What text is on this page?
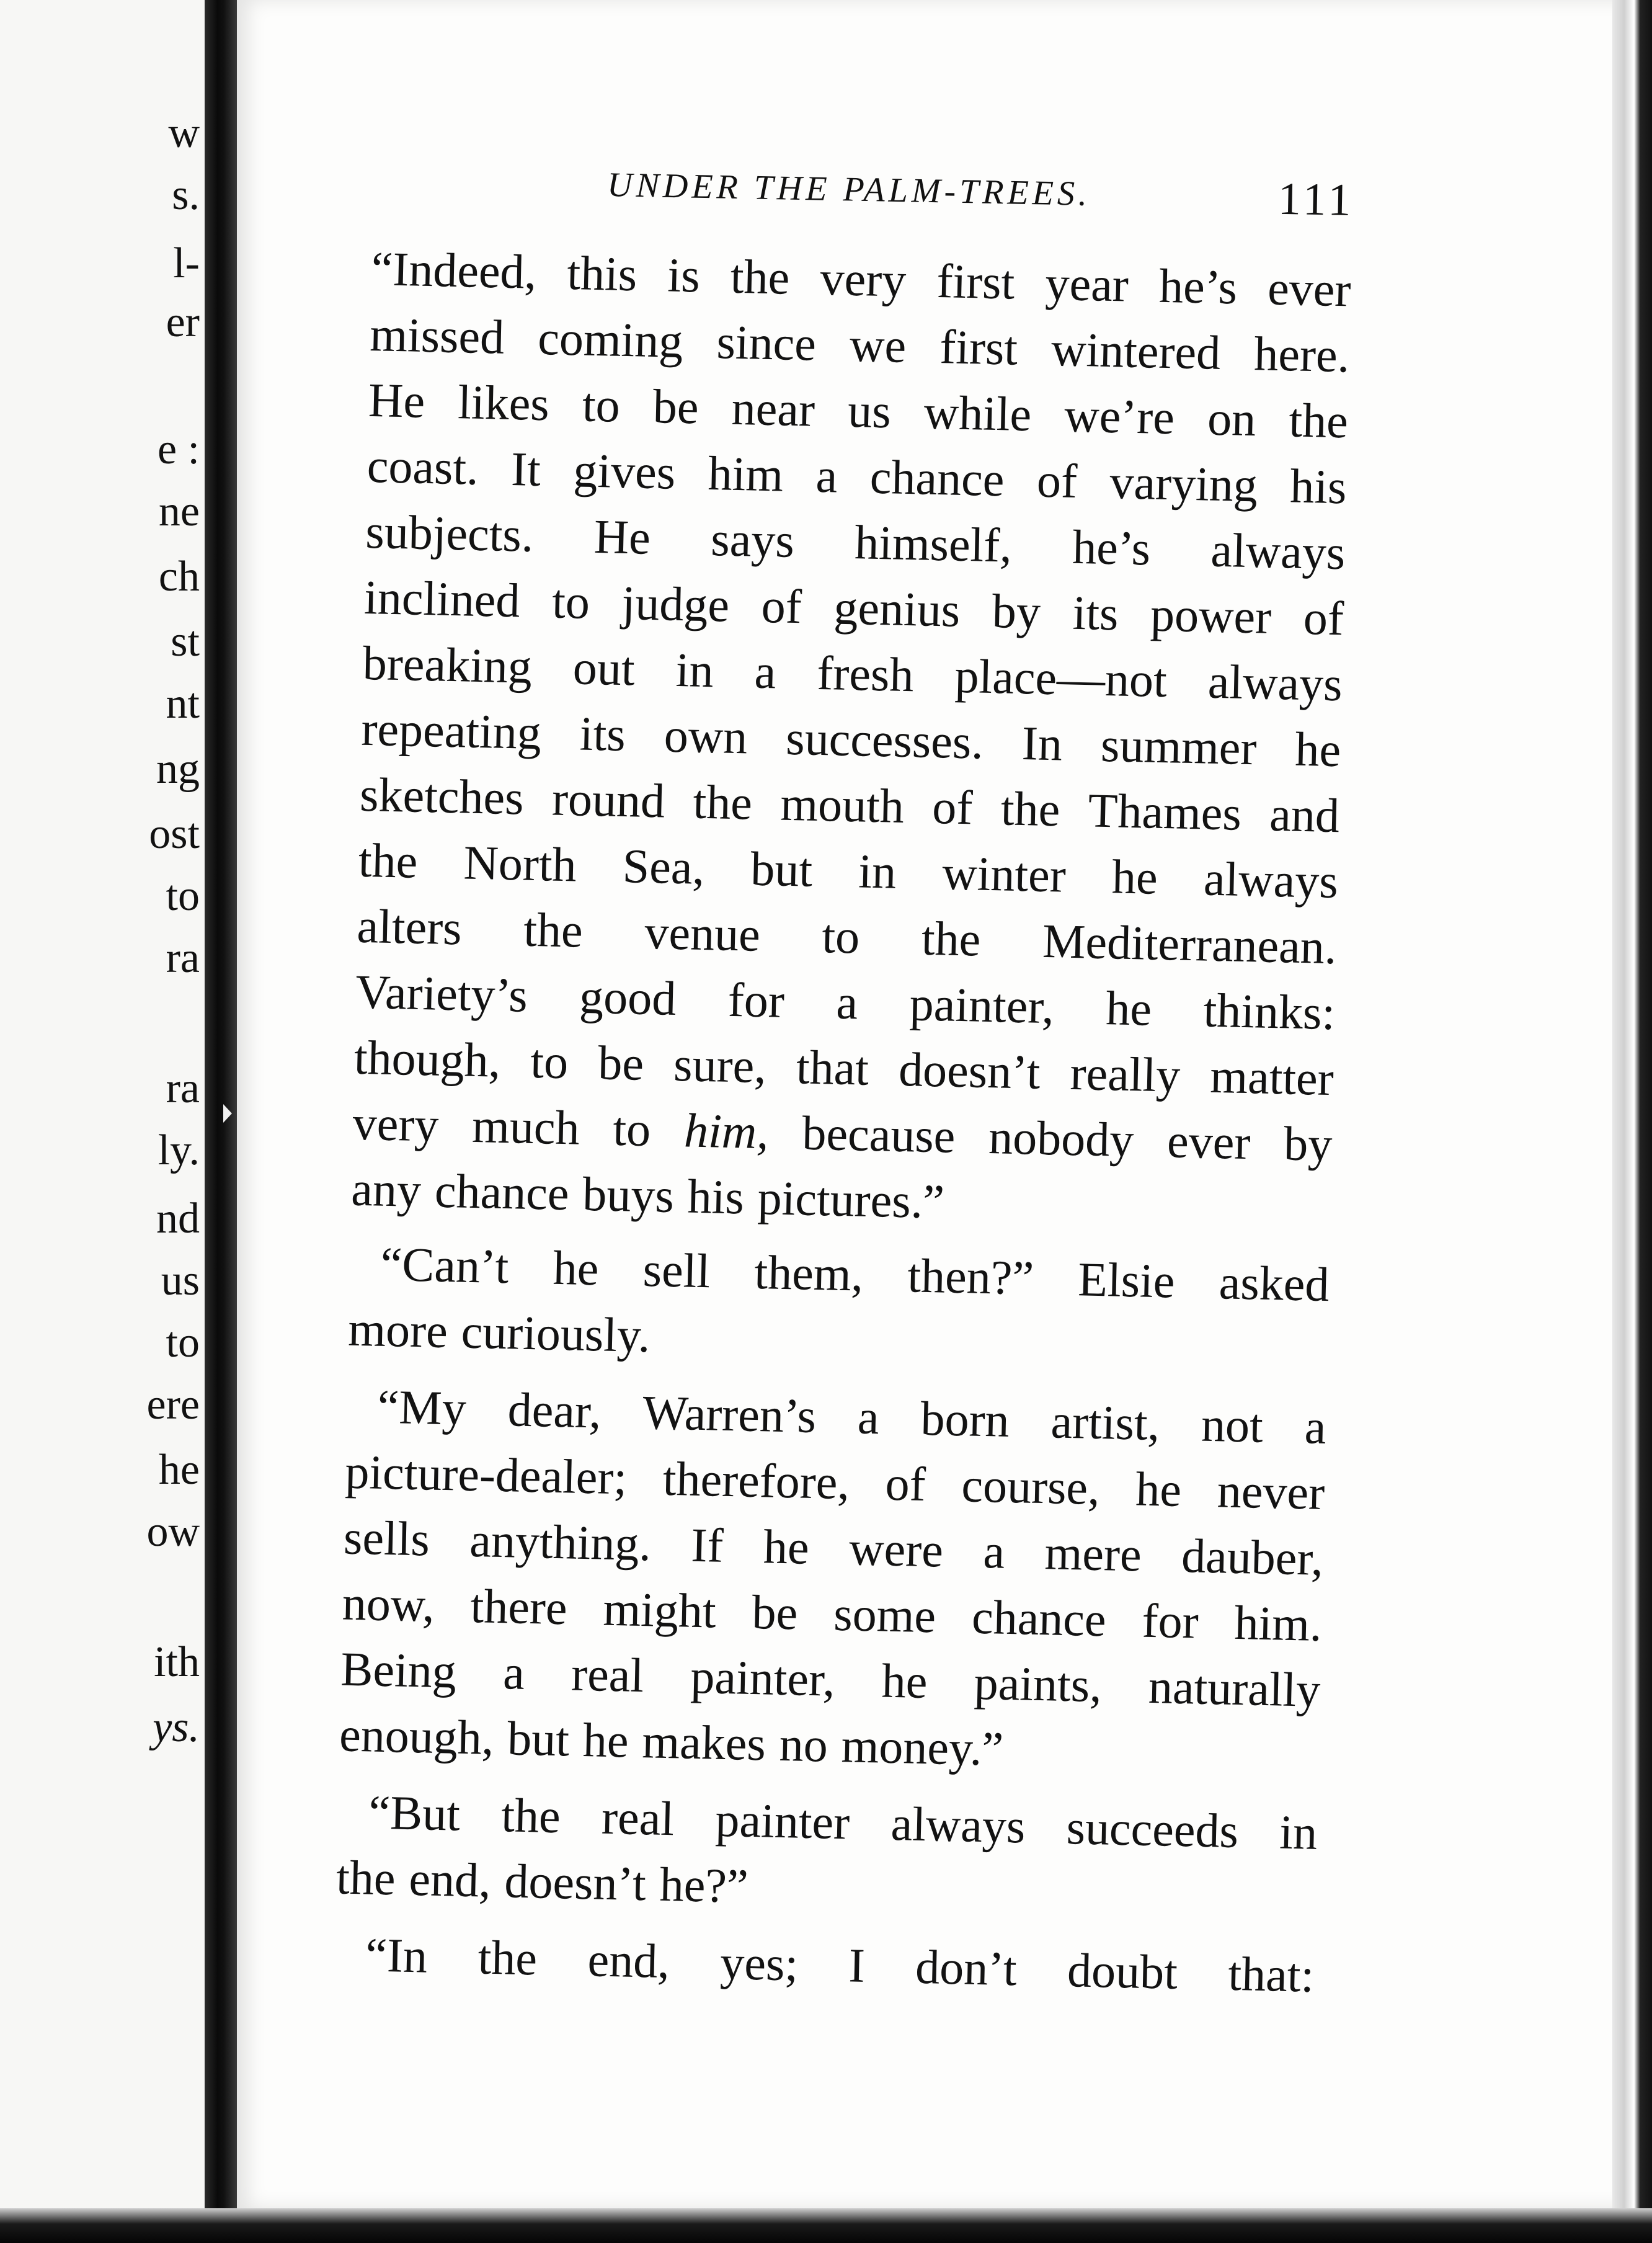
w
s.
l-
er
e :
ne
ch
st
nt
ng
ost
to
ra
ra
ly.
nd
us
to
ere
he
ow
ith
ys.
UNDER THE PALM-TREES.	111
“Indeed, this is the very first year he’s ever
missed coming since we first wintered here.
He likes to be near us while we’re on the
coast. It gives him a chance of varying his
subjects. He says himself, he’s always
inclined to judge of genius by its power of
breaking out in a fresh place—not always
repeating its own successes. In summer he
sketches round the mouth of the Thames and
the North Sea, but in winter he always
alters the venue to the Mediterranean.
Variety’s good for a painter, he thinks:
though, to be sure, that doesn’t really matter
very much to him, because nobody ever by
any chance buys his pictures.”
“Can’t he sell them, then?” Elsie asked
more curiously.
“My dear, Warren’s a born artist, not a
picture-dealer; therefore, of course, he never
sells anything. If he were a mere dauber,
now, there might be some chance for him.
Being a real painter, he paints, naturally
enough, but he makes no money.”
“But the real painter always succeeds in
the end, doesn’t he?”
“In the end, yes; I don’t doubt that:
